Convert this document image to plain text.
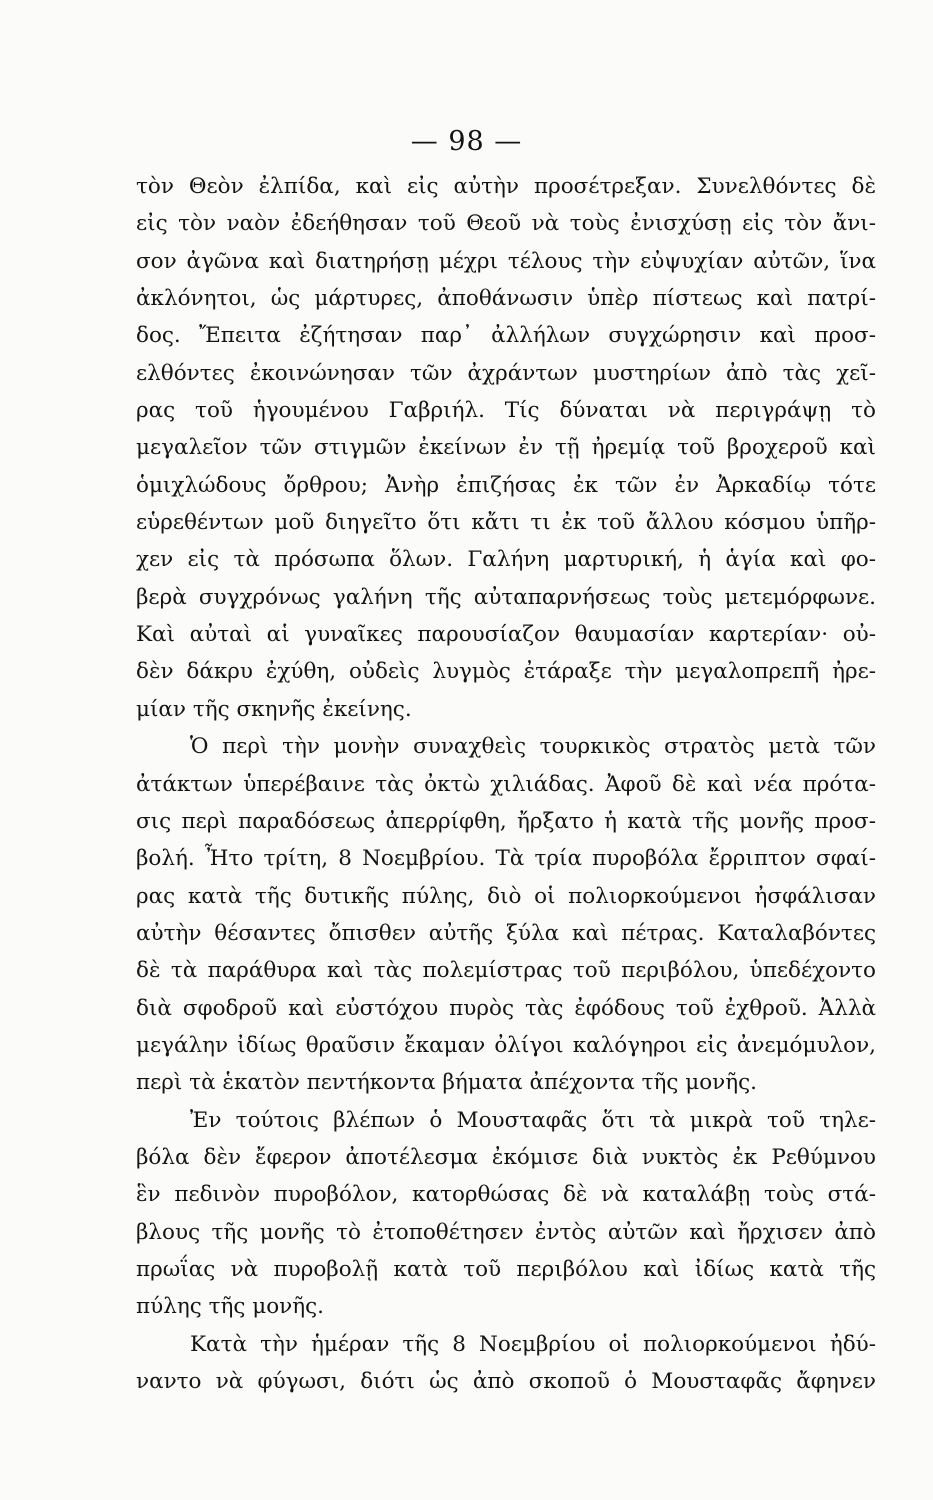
— 98 —
τὸν Θεὸν ἐλπίδα, καὶ εἰς αὐτὴν προσέτρεξαν. Συνελθόντες δὲ
εἰς τὸν ναὸν ἐδεήθησαν τοῦ Θεοῦ νὰ τοὺς ἐνισχύσῃ εἰς τὸν ἄνι-
σον ἀγῶνα καὶ διατηρήσῃ μέχρι τέλους τὴν εὐψυχίαν αὐτῶν, ἵνα
ἀκλόνητοι, ὡς μάρτυρες, ἀποθάνωσιν ὑπὲρ πίστεως καὶ πατρί-
δος. Ἔπειτα ἐζήτησαν παρ᾽ ἀλλήλων συγχώρησιν καὶ προσ-
ελθόντες ἐκοινώνησαν τῶν ἀχράντων μυστηρίων ἀπὸ τὰς χεῖ-
ρας τοῦ ἡγουμένου Γαβριήλ. Τίς δύναται νὰ περιγράψῃ τὸ
μεγαλεῖον τῶν στιγμῶν ἐκείνων ἐν τῇ ἠρεμίᾳ τοῦ βροχεροῦ καὶ
ὁμιχλώδους ὄρθρου; Ἀνὴρ ἐπιζήσας ἐκ τῶν ἐν Ἀρκαδίῳ τότε
εὑρεθέντων μοῦ διηγεῖτο ὅτι κἄτι τι ἐκ τοῦ ἄλλου κόσμου ὑπῆρ-
χεν εἰς τὰ πρόσωπα ὅλων. Γαλήνη μαρτυρική, ἡ ἁγία καὶ φο-
βερὰ συγχρόνως γαλήνη τῆς αὐταπαρνήσεως τοὺς μετεμόρφωνε.
Καὶ αὐταὶ αἱ γυναῖκες παρουσίαζον θαυμασίαν καρτερίαν· οὐ-
δὲν δάκρυ ἐχύθη, οὐδεὶς λυγμὸς ἐτάραξε τὴν μεγαλοπρεπῆ ἠρε-
μίαν τῆς σκηνῆς ἐκείνης.
Ὁ περὶ τὴν μονὴν συναχθεὶς τουρκικὸς στρατὸς μετὰ τῶν
ἀτάκτων ὑπερέβαινε τὰς ὀκτὼ χιλιάδας. Ἀφοῦ δὲ καὶ νέα πρότα-
σις περὶ παραδόσεως ἀπερρίφθη, ἤρξατο ἡ κατὰ τῆς μονῆς προσ-
βολή. Ἦτο τρίτη, 8 Νοεμβρίου. Τὰ τρία πυροβόλα ἔρριπτον σφαί-
ρας κατὰ τῆς δυτικῆς πύλης, διὸ οἱ πολιορκούμενοι ἠσφάλισαν
αὐτὴν θέσαντες ὄπισθεν αὐτῆς ξύλα καὶ πέτρας. Καταλαβόντες
δὲ τὰ παράθυρα καὶ τὰς πολεμίστρας τοῦ περιβόλου, ὑπεδέχοντο
διὰ σφοδροῦ καὶ εὐστόχου πυρὸς τὰς ἐφόδους τοῦ ἐχθροῦ. Ἀλλὰ
μεγάλην ἰδίως θραῦσιν ἔκαμαν ὀλίγοι καλόγηροι εἰς ἀνεμόμυλον,
περὶ τὰ ἑκατὸν πεντήκοντα βήματα ἀπέχοντα τῆς μονῆς.
Ἐν τούτοις βλέπων ὁ Μουσταφᾶς ὅτι τὰ μικρὰ τοῦ τηλε-
βόλα δὲν ἔφερον ἀποτέλεσμα ἐκόμισε διὰ νυκτὸς ἐκ Ρεθύμνου
ἓν πεδινὸν πυροβόλον, κατορθώσας δὲ νὰ καταλάβῃ τοὺς στά-
βλους τῆς μονῆς τὸ ἐτοποθέτησεν ἐντὸς αὐτῶν καὶ ἤρχισεν ἀπὸ
πρωΐας νὰ πυροβολῇ κατὰ τοῦ περιβόλου καὶ ἰδίως κατὰ τῆς
πύλης τῆς μονῆς.
Κατὰ τὴν ἡμέραν τῆς 8 Νοεμβρίου οἱ πολιορκούμενοι ἠδύ-
ναντο νὰ φύγωσι, διότι ὡς ἀπὸ σκοποῦ ὁ Μουσταφᾶς ἄφηνεν
